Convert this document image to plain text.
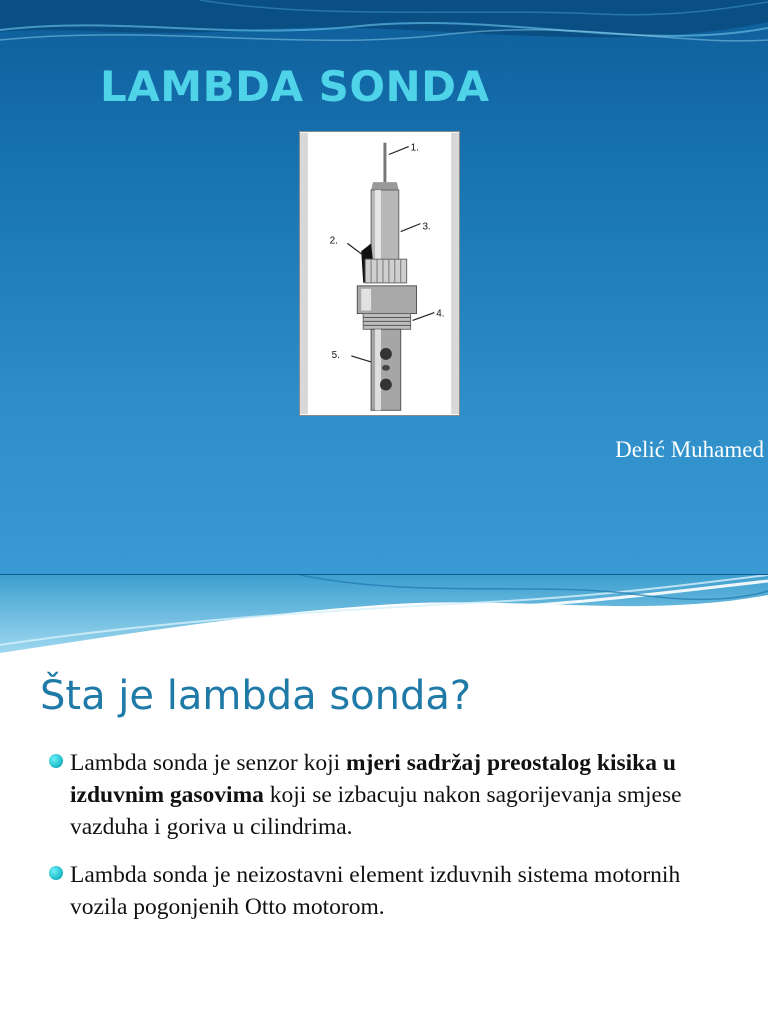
LAMBDA SONDA
1.
2.
3.
4.
5.
Delić Muhamed
Šta je lambda sonda?
Lambda sonda je senzor koji mjeri sadržaj preostalog kisika u izduvnim gasovima koji se izbacuju nakon sagorijevanja smjese vazduha i goriva u cilindrima.
Lambda sonda je neizostavni element izduvnih sistema motornih vozila pogonjenih Otto motorom.
